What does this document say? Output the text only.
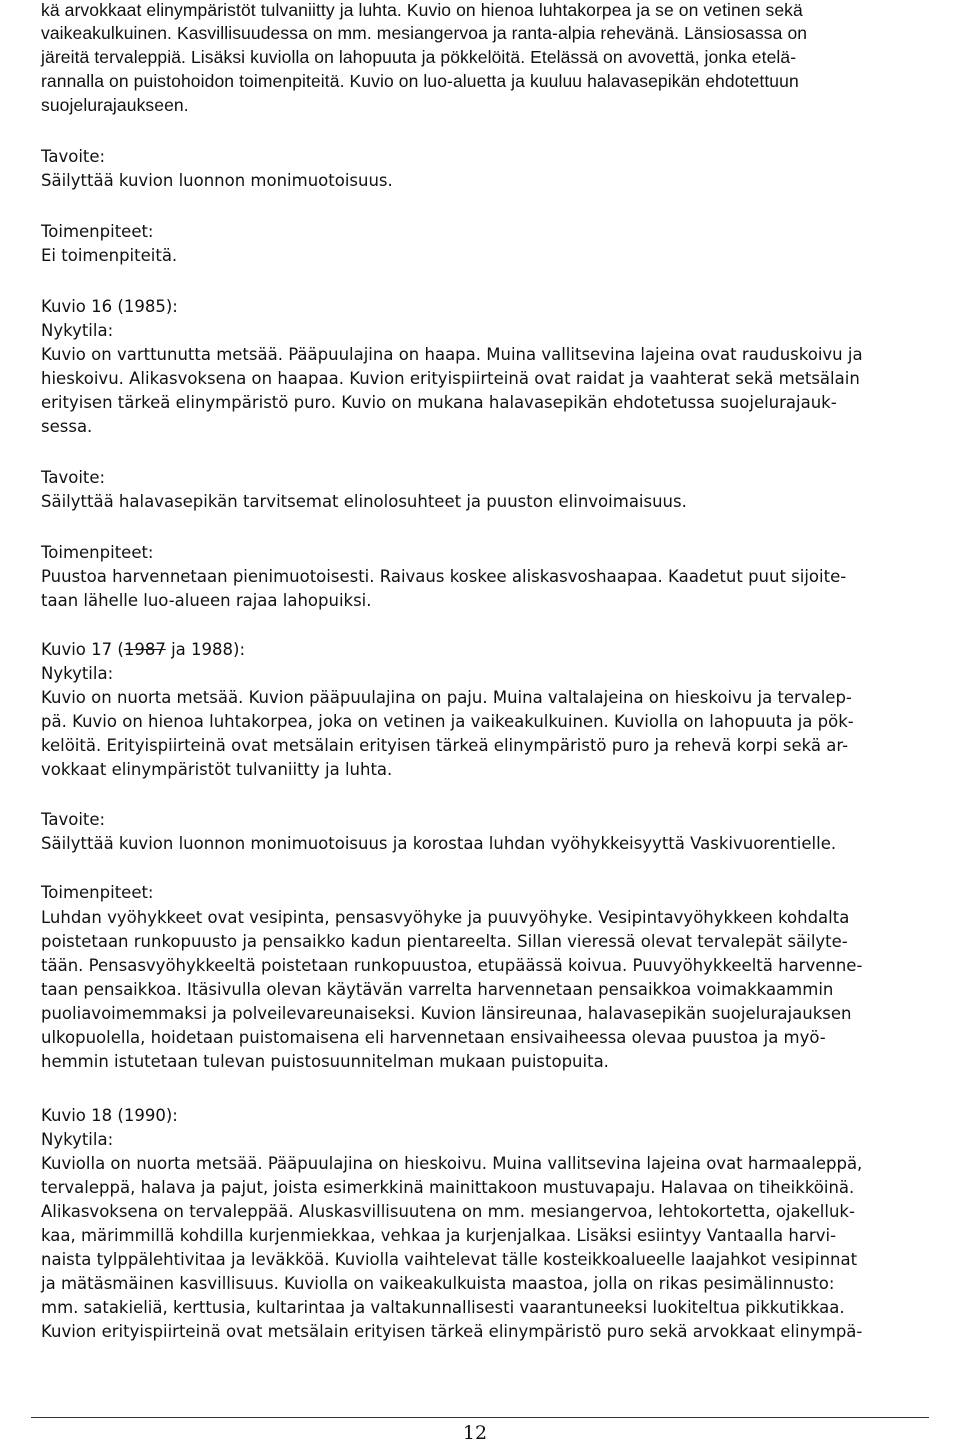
kä arvokkaat elinympäristöt tulvaniitty ja luhta. Kuvio on hienoa luhtakorpea ja se on vetinen sekä
vaikeakulkuinen. Kasvillisuudessa on mm. mesiangervoa ja ranta-alpia rehevänä. Länsiosassa on
järeitä tervaleppiä. Lisäksi kuviolla on lahopuuta ja pökkelöitä. Etelässä on avovettä, jonka etelä-
rannalla on puistohoidon toimenpiteitä. Kuvio on luo-aluetta ja kuuluu halavasepikän ehdotettuun
suojelurajaukseen.
Tavoite:
Säilyttää kuvion luonnon monimuotoisuus.
Toimenpiteet:
Ei toimenpiteitä.
Kuvio 16 (1985):
Nykytila:
Kuvio on varttunutta metsää. Pääpuulajina on haapa. Muina vallitsevina lajeina ovat rauduskoivu ja
hieskoivu. Alikasvoksena on haapaa. Kuvion erityispiirteinä ovat raidat ja vaahterat sekä metsälain
erityisen tärkeä elinympäristö puro. Kuvio on mukana halavasepikän ehdotetussa suojelurajauk-
sessa.
Tavoite:
Säilyttää halavasepikän tarvitsemat elinolosuhteet ja puuston elinvoimaisuus.
Toimenpiteet:
Puustoa harvennetaan pienimuotoisesti. Raivaus koskee aliskasvoshaapaa. Kaadetut puut sijoite-
taan lähelle luo-alueen rajaa lahopuiksi.
Kuvio 17 (1987 ja 1988):
Nykytila:
Kuvio on nuorta metsää. Kuvion pääpuulajina on paju. Muina valtalajeina on hieskoivu ja tervalep-
pä. Kuvio on hienoa luhtakorpea, joka on vetinen ja vaikeakulkuinen. Kuviolla on lahopuuta ja pök-
kelöitä. Erityispiirteinä ovat metsälain erityisen tärkeä elinympäristö puro ja rehevä korpi sekä ar-
vokkaat elinympäristöt tulvaniitty ja luhta.
Tavoite:
Säilyttää kuvion luonnon monimuotoisuus ja korostaa luhdan vyöhykkeisyyttä Vaskivuorentielle.
Toimenpiteet:
Luhdan vyöhykkeet ovat vesipinta, pensasvyöhyke ja puuvyöhyke. Vesipintavyöhykkeen kohdalta
poistetaan runkopuusto ja pensaikko kadun pientareelta. Sillan vieressä olevat tervalepät säilyte-
tään. Pensasvyöhykkeeltä poistetaan runkopuustoa, etupäässä koivua. Puuvyöhykkeeltä harvenne-
taan pensaikkoa. Itäsivulla olevan käytävän varrelta harvennetaan pensaikkoa voimakkaammin
puoliavoimemmaksi ja polveilevareunaiseksi. Kuvion länsireunaa, halavasepikän suojelurajauksen
ulkopuolella, hoidetaan puistomaisena eli harvennetaan ensivaiheessa olevaa puustoa ja myö-
hemmin istutetaan tulevan puistosuunnitelman mukaan puistopuita.
Kuvio 18 (1990):
Nykytila:
Kuviolla on nuorta metsää. Pääpuulajina on hieskoivu. Muina vallitsevina lajeina ovat harmaaleppä,
tervaleppä, halava ja pajut, joista esimerkkinä mainittakoon mustuvapaju. Halavaa on tiheikköinä.
Alikasvoksena on tervaleppää. Aluskasvillisuutena on mm. mesiangervoa, lehtokortetta, ojakelluk-
kaa, märimmillä kohdilla kurjenmiekkaa, vehkaa ja kurjenjalkaa. Lisäksi esiintyy Vantaalla harvi-
naista tylppälehtivitaa ja leväkköä. Kuviolla vaihtelevat tälle kosteikkoalueelle laajahkot vesipinnat
ja mätäsmäinen kasvillisuus. Kuviolla on vaikeakulkuista maastoa, jolla on rikas pesimälinnusto:
mm. satakieliä, kerttusia, kultarintaa ja valtakunnallisesti vaarantuneeksi luokiteltua pikkutikkaa.
Kuvion erityispiirteinä ovat metsälain erityisen tärkeä elinympäristö puro sekä arvokkaat elinympä-
12
